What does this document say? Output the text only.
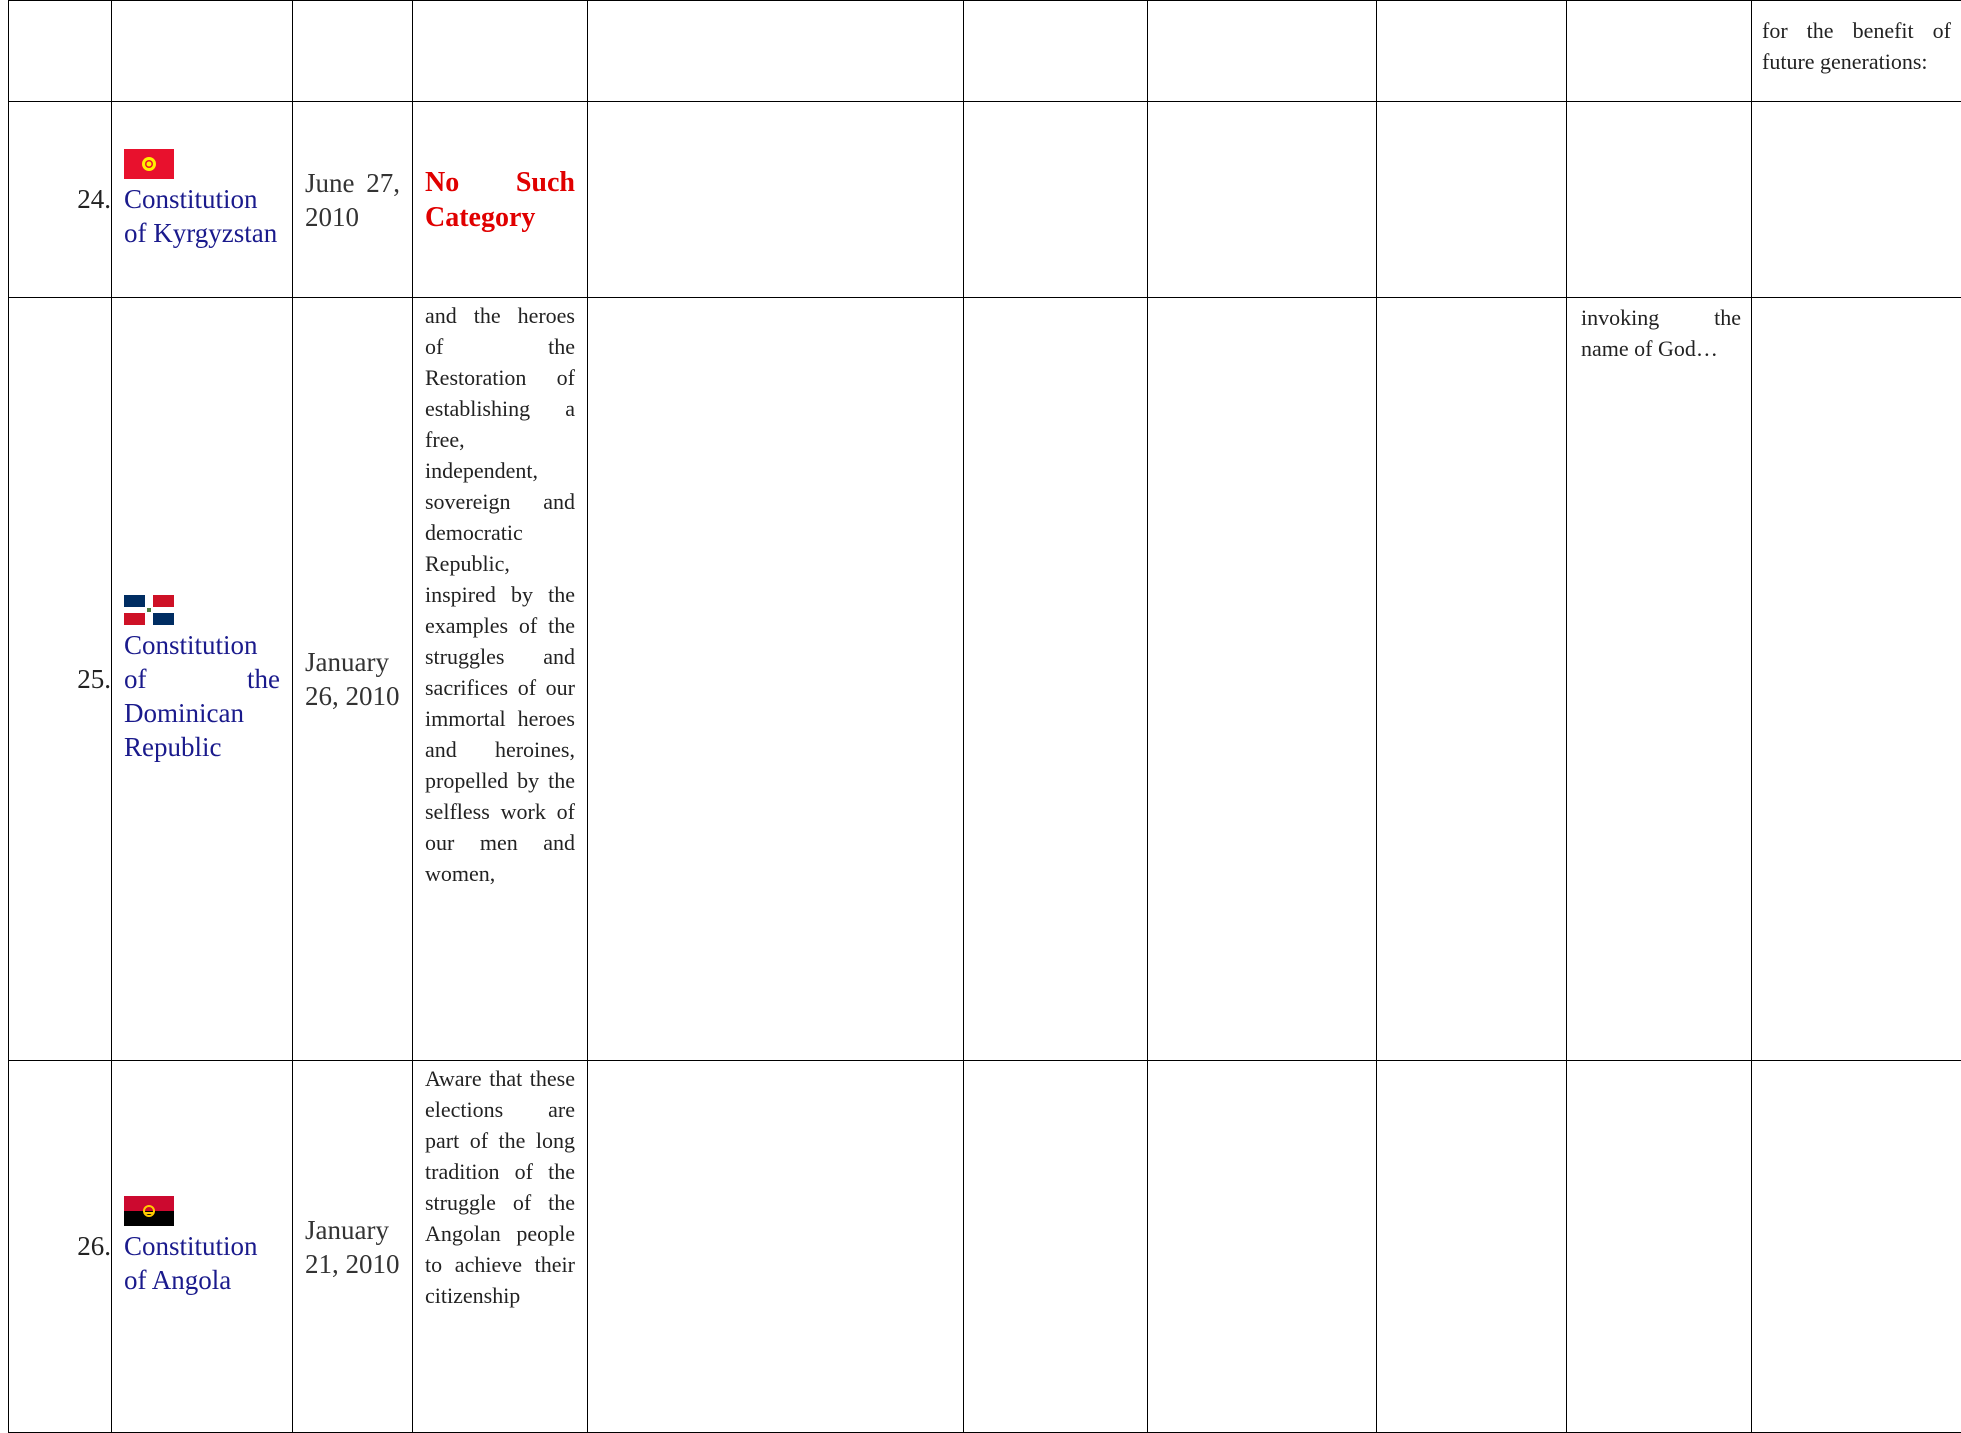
									for the benefit of future generations:

24.	Constitution of Kyrgyzstan	June 27, 2010	No Such Category						
25.	Constitution of the Dominican Republic	January 26, 2010	and the heroes of the Restoration of establishing a free, independent, sovereign and democratic Republic, inspired by the examples of the struggles and sacrifices of our immortal heroes and heroines, propelled by the selfless work of our men and women,					invoking the name of God…	

26.	Constitution of Angola	January 21, 2010	Aware that these elections are part of the long tradition of the struggle of the Angolan people to achieve their citizenship						
